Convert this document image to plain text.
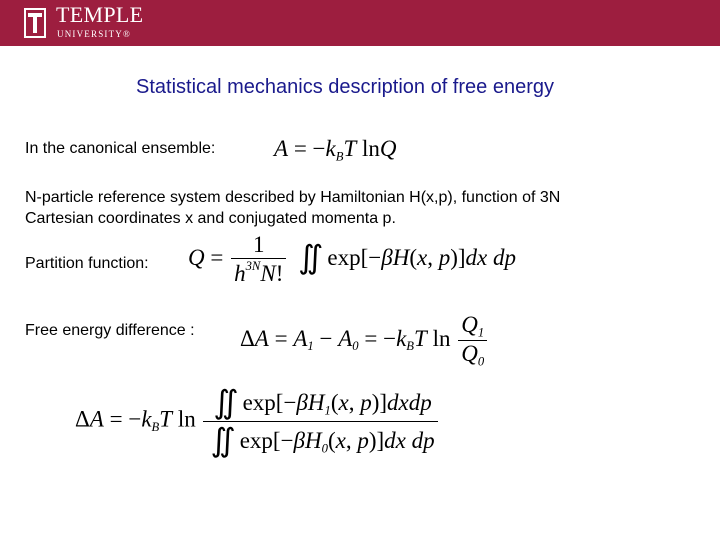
TEMPLE
UNIVERSITY®
Statistical mechanics description of free energy
In the canonical ensemble:	$A = -k_BT$ lnQ
N-particle reference system described by Hamiltonian H(x,p), function of 3N
Cartesian coordinates x and conjugated momenta p.
Partition function: $Q = \frac{1}{h^{3N}N!}$ ∬ exp[−βH(x, p)]dx dp
Free energy difference : $\Delta A = A_1 - A_0 = -k_BT$ $\ln \frac{Q_1}{Q_0}$
$\Delta A = -k_BT$ $\ln \frac{∬ \exp[-\beta H_1(x, p)]dxdp}{∬ \exp[-\beta H_0(x, p)]dx dp}$
